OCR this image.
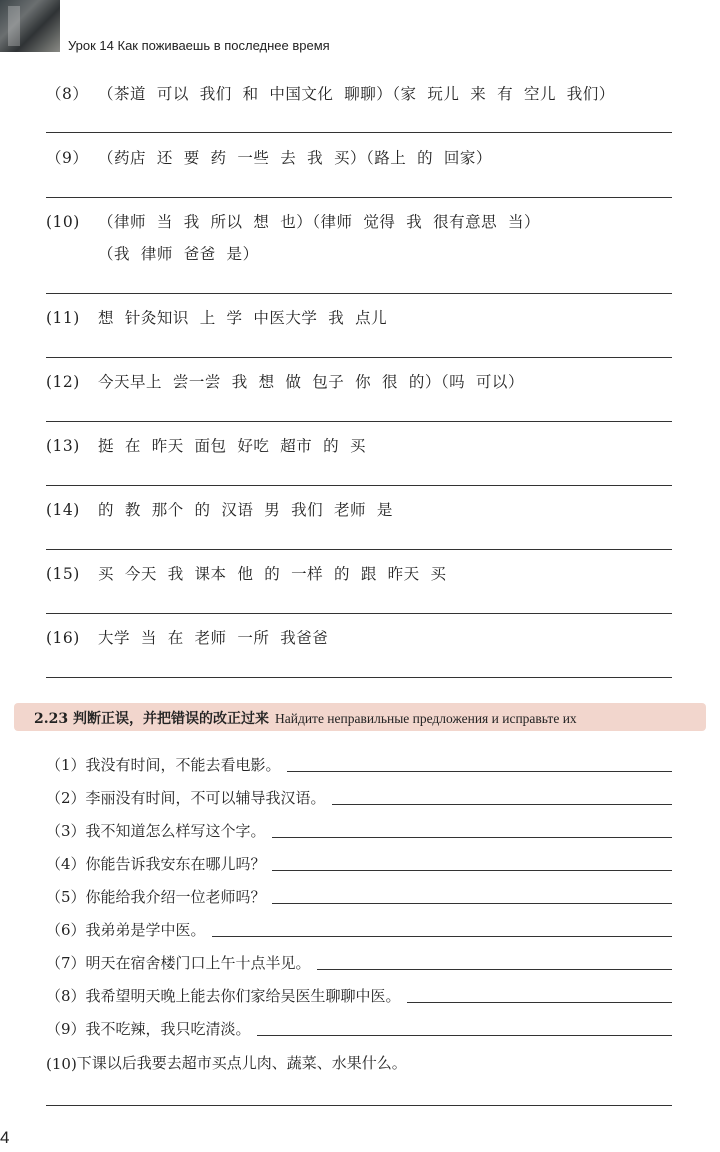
Урок 14 Как поживаешь в последнее время
（8） （茶道  可以  我们  和  中国文化  聊聊）（家  玩儿  来  有  空儿  我们）
（9） （药店  还  要  药  一些  去  我  买）（路上  的  回家）
(10) （律师  当  我  所以  想  也）（律师  觉得  我  很有意思  当）
（我  律师  爸爸  是）
(11) 想  针灸知识  上  学  中医大学  我  点儿
(12) 今天早上  尝一尝  我  想  做  包子  你  很  的）（吗  可以）
(13) 挺  在  昨天  面包  好吃  超市  的  买
(14) 的  教  那个  的  汉语  男  我们  老师  是
(15) 买  今天  我  课本  他  的  一样  的  跟  昨天  买
(16) 大学  当  在  老师  一所  我爸爸
2.23 判断正误，并把错误的改正过来 Найдите неправильные предложения и исправьте их
（1） 我没有时间，不能去看电影。
（2） 李丽没有时间，不可以辅导我汉语。
（3） 我不知道怎么样写这个字。
（4） 你能告诉我安东在哪儿吗？
（5） 你能给我介绍一位老师吗？
（6） 我弟弟是学中医。
（7） 明天在宿舍楼门口上午十点半见。
（8） 我希望明天晚上能去你们家给吴医生聊聊中医。
（9） 我不吃辣，我只吃清淡。
(10) 下课以后我要去超市买点儿肉、蔬菜、水果什么。
4
